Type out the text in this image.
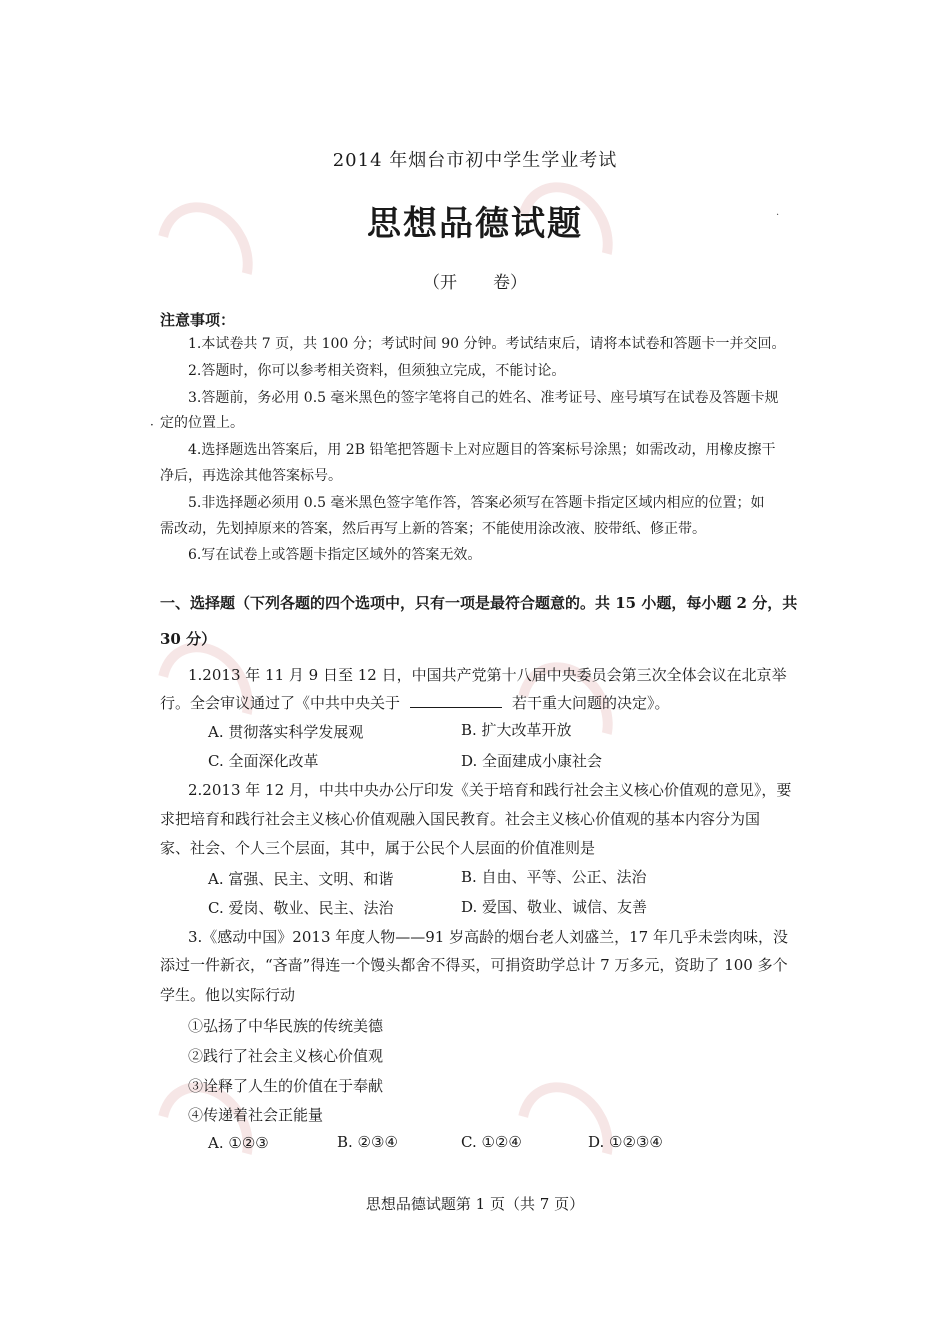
2014 年烟台市初中学生学业考试
思想品德试题
（开 卷）
·
注意事项：
1.本试卷共 7 页，共 100 分；考试时间 90 分钟。考试结束后，请将本试卷和答题卡一并交回。
2.答题时，你可以参考相关资料，但须独立完成，不能讨论。
3.答题前，务必用 0.5 毫米黑色的签字笔将自己的姓名、准考证号、座号填写在试卷及答题卡规
· 定的位置上。
4.选择题选出答案后，用 2B 铅笔把答题卡上对应题目的答案标号涂黑；如需改动，用橡皮擦干
净后，再选涂其他答案标号。
5.非选择题必须用 0.5 毫米黑色签字笔作答，答案必须写在答题卡指定区域内相应的位置；如
需改动，先划掉原来的答案，然后再写上新的答案；不能使用涂改液、胶带纸、修正带。
6.写在试卷上或答题卡指定区域外的答案无效。
一、选择题（下列各题的四个选项中，只有一项是最符合题意的。共 15 小题，每小题 2 分，共
30 分）
1.2013 年 11 月 9 日至 12 日，中国共产党第十八届中央委员会第三次全体会议在北京举
行。全会审议通过了《中共中央关于	若干重大问题的决定》。
A. 贯彻落实科学发展观	B. 扩大改革开放
C. 全面深化改革	D. 全面建成小康社会
2.2013 年 12 月，中共中央办公厅印发《关于培育和践行社会主义核心价值观的意见》，要
求把培育和践行社会主义核心价值观融入国民教育。社会主义核心价值观的基本内容分为国
家、社会、个人三个层面，其中，属于公民个人层面的价值准则是
A. 富强、民主、文明、和谐	B. 自由、平等、公正、法治
C. 爱岗、敬业、民主、法治	D. 爱国、敬业、诚信、友善
3.《感动中国》2013 年度人物——91 岁高龄的烟台老人刘盛兰，17 年几乎未尝肉味，没
添过一件新衣，“吝啬”得连一个馒头都舍不得买，可捐资助学总计 7 万多元，资助了 100 多个
学生。他以实际行动
①弘扬了中华民族的传统美德
②践行了社会主义核心价值观
③诠释了人生的价值在于奉献
④传递着社会正能量
A. ①②③	B. ②③④	C. ①②④	D. ①②③④
思想品德试题第 1 页（共 7 页）
